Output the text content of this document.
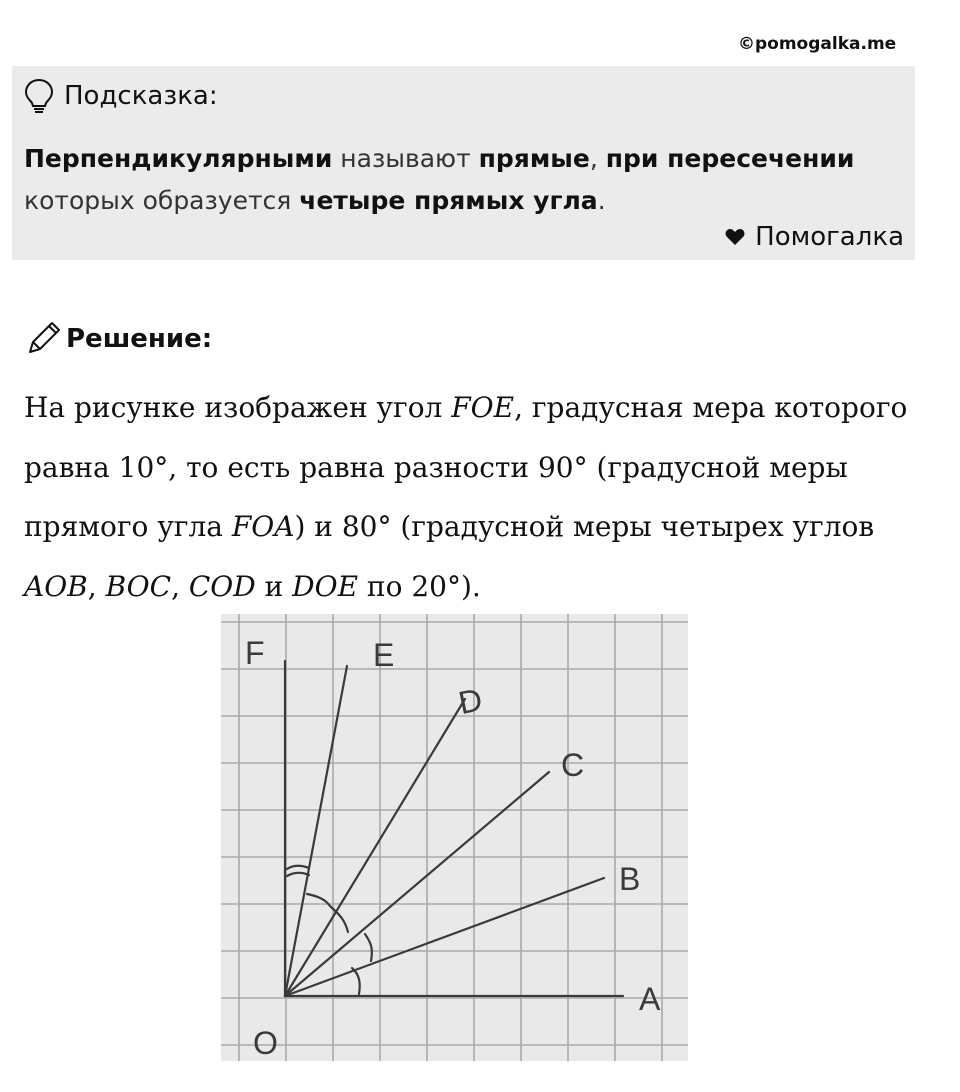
©pomogalka.me
Подсказка:
Перпендикулярными называют прямые, при пересечении которых образуется четыре прямых угла.
Помогалка
Решение:
На рисунке изображен угол FOE, градусная мера которого равна 10°, то есть равна разности 90° (градусной меры прямого угла FOA) и 80° (градусной меры четырех углов
AOB, BOC, COD и DOE по 20°).
F	E
D
C
B
A
O
